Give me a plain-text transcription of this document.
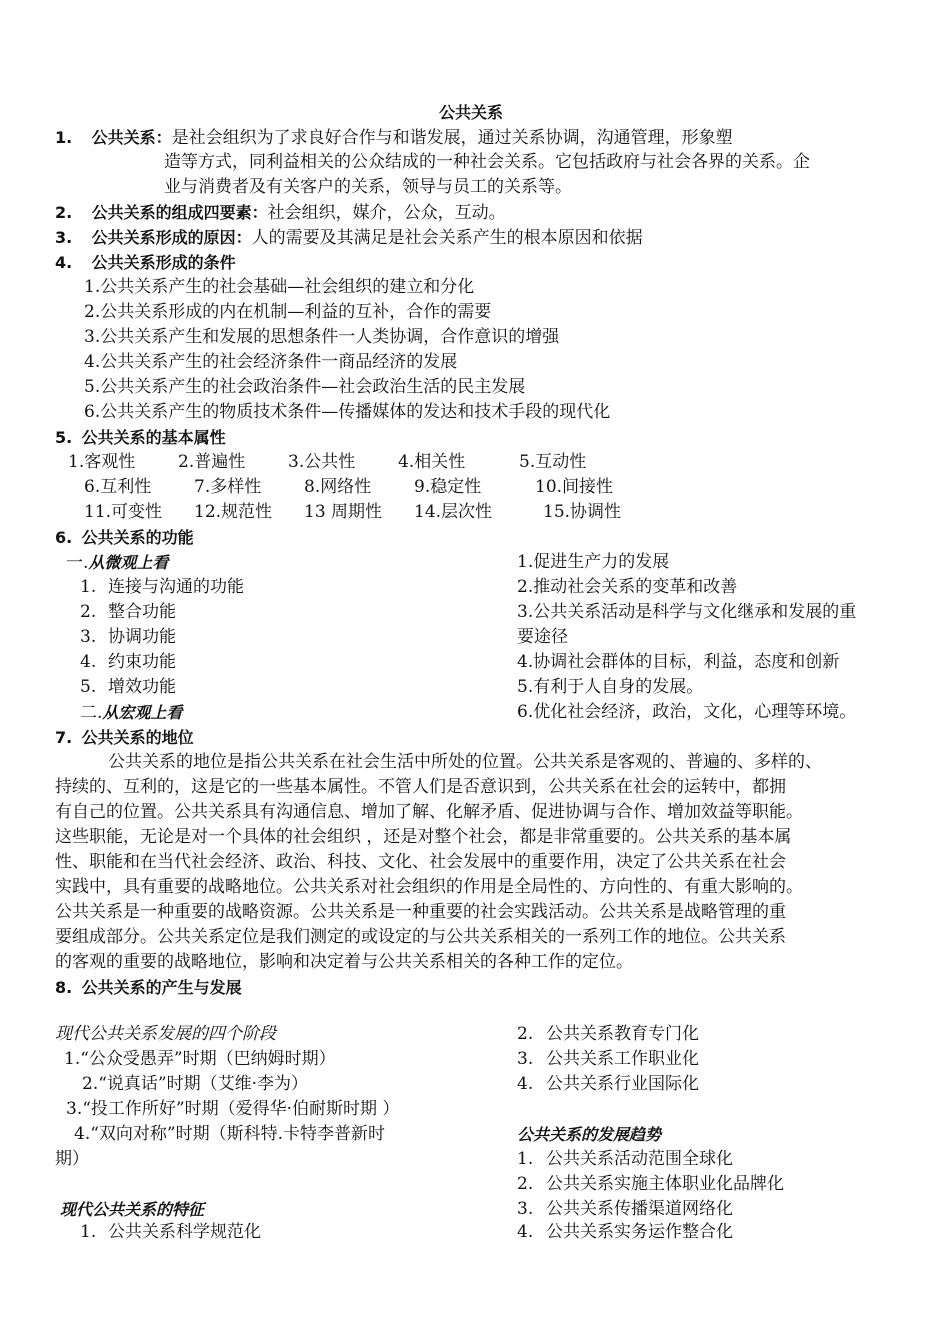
公共关系
1. 公共关系：是社会组织为了求良好合作与和谐发展，通过关系协调，沟通管理，形象塑
造等方式，同利益相关的公众结成的一种社会关系。它包括政府与社会各界的关系。企
业与消费者及有关客户的关系，领导与员工的关系等。
2. 公共关系的组成四要素：社会组织，媒介，公众，互动。
3. 公共关系形成的原因：人的需要及其满足是社会关系产生的根本原因和依据
4. 公共关系形成的条件
1.公共关系产生的社会基础—社会组织的建立和分化
2.公共关系形成的内在机制—利益的互补，合作的需要
3.公共关系产生和发展的思想条件一人类协调，合作意识的增强
4.公共关系产生的社会经济条件一商品经济的发展
5.公共关系产生的社会政治条件—社会政治生活的民主发展
6.公共关系产生的物质技术条件—传播媒体的发达和技术手段的现代化
5. 公共关系的基本属性
1.客观性	2.普遍性	3.公共性	4.相关性	5.互动性
6.互利性	7.多样性	8.网络性	9.稳定性	10.间接性
11.可变性 12.规范性 13 周期性 14.层次性	15.协调性
6. 公共关系的功能
一.从微观上看
1. 连接与沟通的功能
2. 整合功能
3. 协调功能
4. 约束功能
5. 增效功能
二.从宏观上看
1.促进生产力的发展
2.推动社会关系的变革和改善
3.公共关系活动是科学与文化继承和发展的重
要途径
4.协调社会群体的目标，利益，态度和创新
5.有利于人自身的发展。
6.优化社会经济，政治，文化，心理等环境。
7. 公共关系的地位
公共关系的地位是指公共关系在社会生活中所处的位置。公共关系是客观的、普遍的、多样的、
持续的、互利的，这是它的一些基本属性。不管人们是否意识到，公共关系在社会的运转中，都拥
有自己的位置。公共关系具有沟通信息、增加了解、化解矛盾、促进协调与合作、增加效益等职能。
这些职能，无论是对一个具体的社会组织 ，还是对整个社会，都是非常重要的。公共关系的基本属
性、职能和在当代社会经济、政治、科技、文化、社会发展中的重要作用，决定了公共关系在社会
实践中，具有重要的战略地位。公共关系对社会组织的作用是全局性的、方向性的、有重大影响的。
公共关系是一种重要的战略资源。公共关系是一种重要的社会实践活动。公共关系是战略管理的重
要组成部分。公共关系定位是我们测定的或设定的与公共关系相关的一系列工作的地位。公共关系
的客观的重要的战略地位，影响和决定着与公共关系相关的各种工作的定位。
8. 公共关系的产生与发展
现代公共关系发展的四个阶段
1.“公众受愚弄”时期（巴纳姆时期）
2.“说真话”时期（艾维·李为）
3.“投工作所好”时期（爱得华·伯耐斯时期 ）
4.“双向对称”时期（斯科特.卡特李普新时
期）
现代公共关系的特征
1. 公共关系科学规范化
2. 公共关系教育专门化
3. 公共关系工作职业化
4. 公共关系行业国际化
公共关系的发展趋势
1. 公共关系活动范围全球化
2. 公共关系实施主体职业化品牌化
3. 公共关系传播渠道网络化
4. 公共关系实务运作整合化
